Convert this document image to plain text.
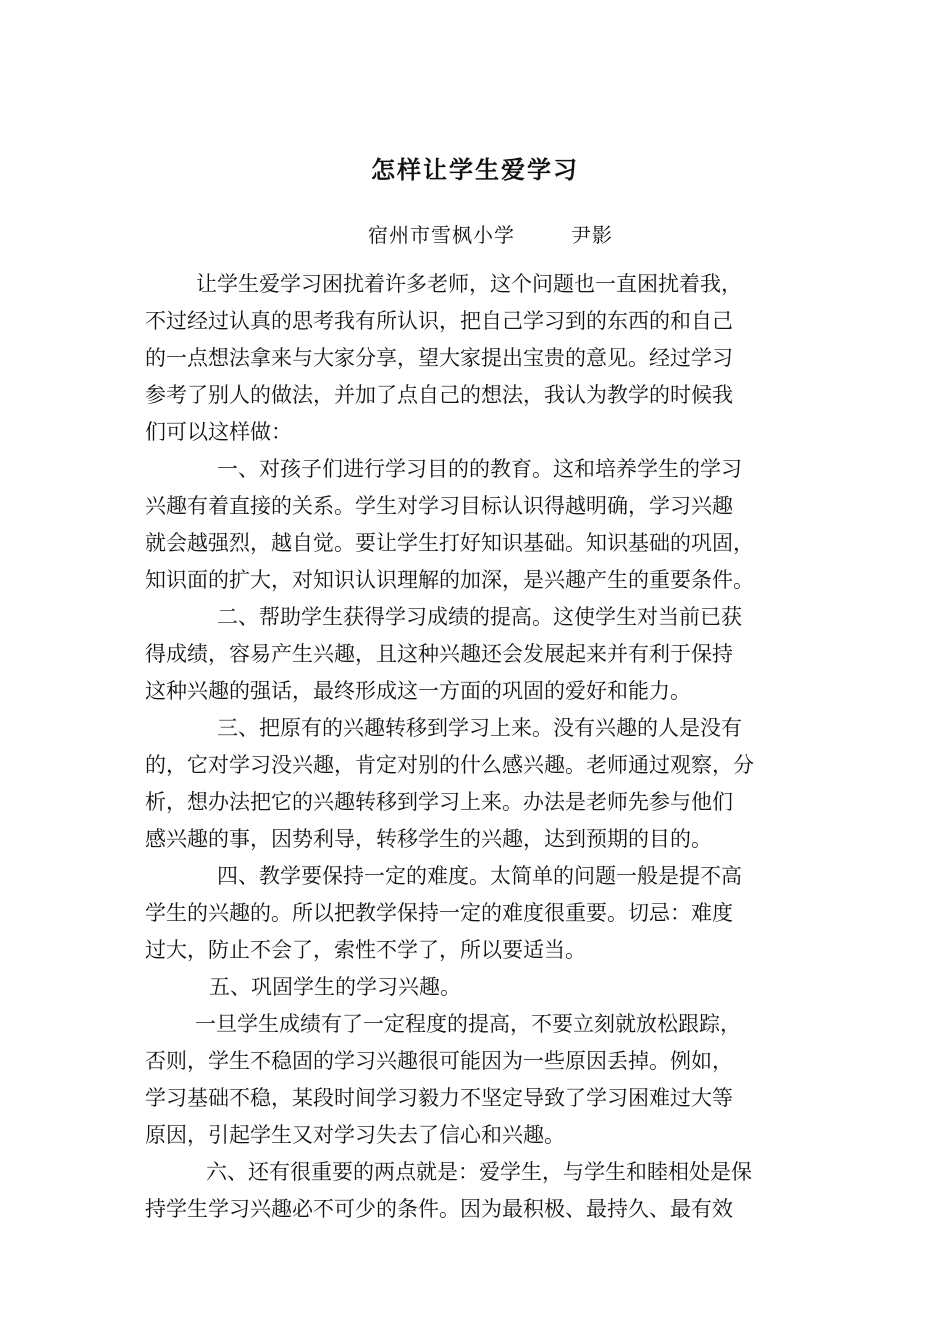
怎样让学生爱学习
宿州市雪枫小学	尹影
让学生爱学习困扰着许多老师，这个问题也一直困扰着我，
不过经过认真的思考我有所认识，把自己学习到的东西的和自己
的一点想法拿来与大家分享，望大家提出宝贵的意见。经过学习
参考了别人的做法，并加了点自己的想法，我认为教学的时候我
们可以这样做：
一、对孩子们进行学习目的的教育。这和培养学生的学习
兴趣有着直接的关系。学生对学习目标认识得越明确，学习兴趣
就会越强烈，越自觉。要让学生打好知识基础。知识基础的巩固，
知识面的扩大，对知识认识理解的加深，是兴趣产生的重要条件。
二、帮助学生获得学习成绩的提高。这使学生对当前已获
得成绩，容易产生兴趣，且这种兴趣还会发展起来并有利于保持
这种兴趣的强话，最终形成这一方面的巩固的爱好和能力。
三、把原有的兴趣转移到学习上来。没有兴趣的人是没有
的，它对学习没兴趣，肯定对别的什么感兴趣。老师通过观察，分
析，想办法把它的兴趣转移到学习上来。办法是老师先参与他们
感兴趣的事，因势利导，转移学生的兴趣，达到预期的目的。
四、教学要保持一定的难度。太简单的问题一般是提不高
学生的兴趣的。所以把教学保持一定的难度很重要。切忌：难度
过大，防止不会了，索性不学了，所以要适当。
五、巩固学生的学习兴趣。
一旦学生成绩有了一定程度的提高，不要立刻就放松跟踪，
否则，学生不稳固的学习兴趣很可能因为一些原因丢掉。例如，
学习基础不稳，某段时间学习毅力不坚定导致了学习困难过大等
原因，引起学生又对学习失去了信心和兴趣。
六、还有很重要的两点就是：爱学生，与学生和睦相处是保
持学生学习兴趣必不可少的条件。因为最积极、最持久、最有效
